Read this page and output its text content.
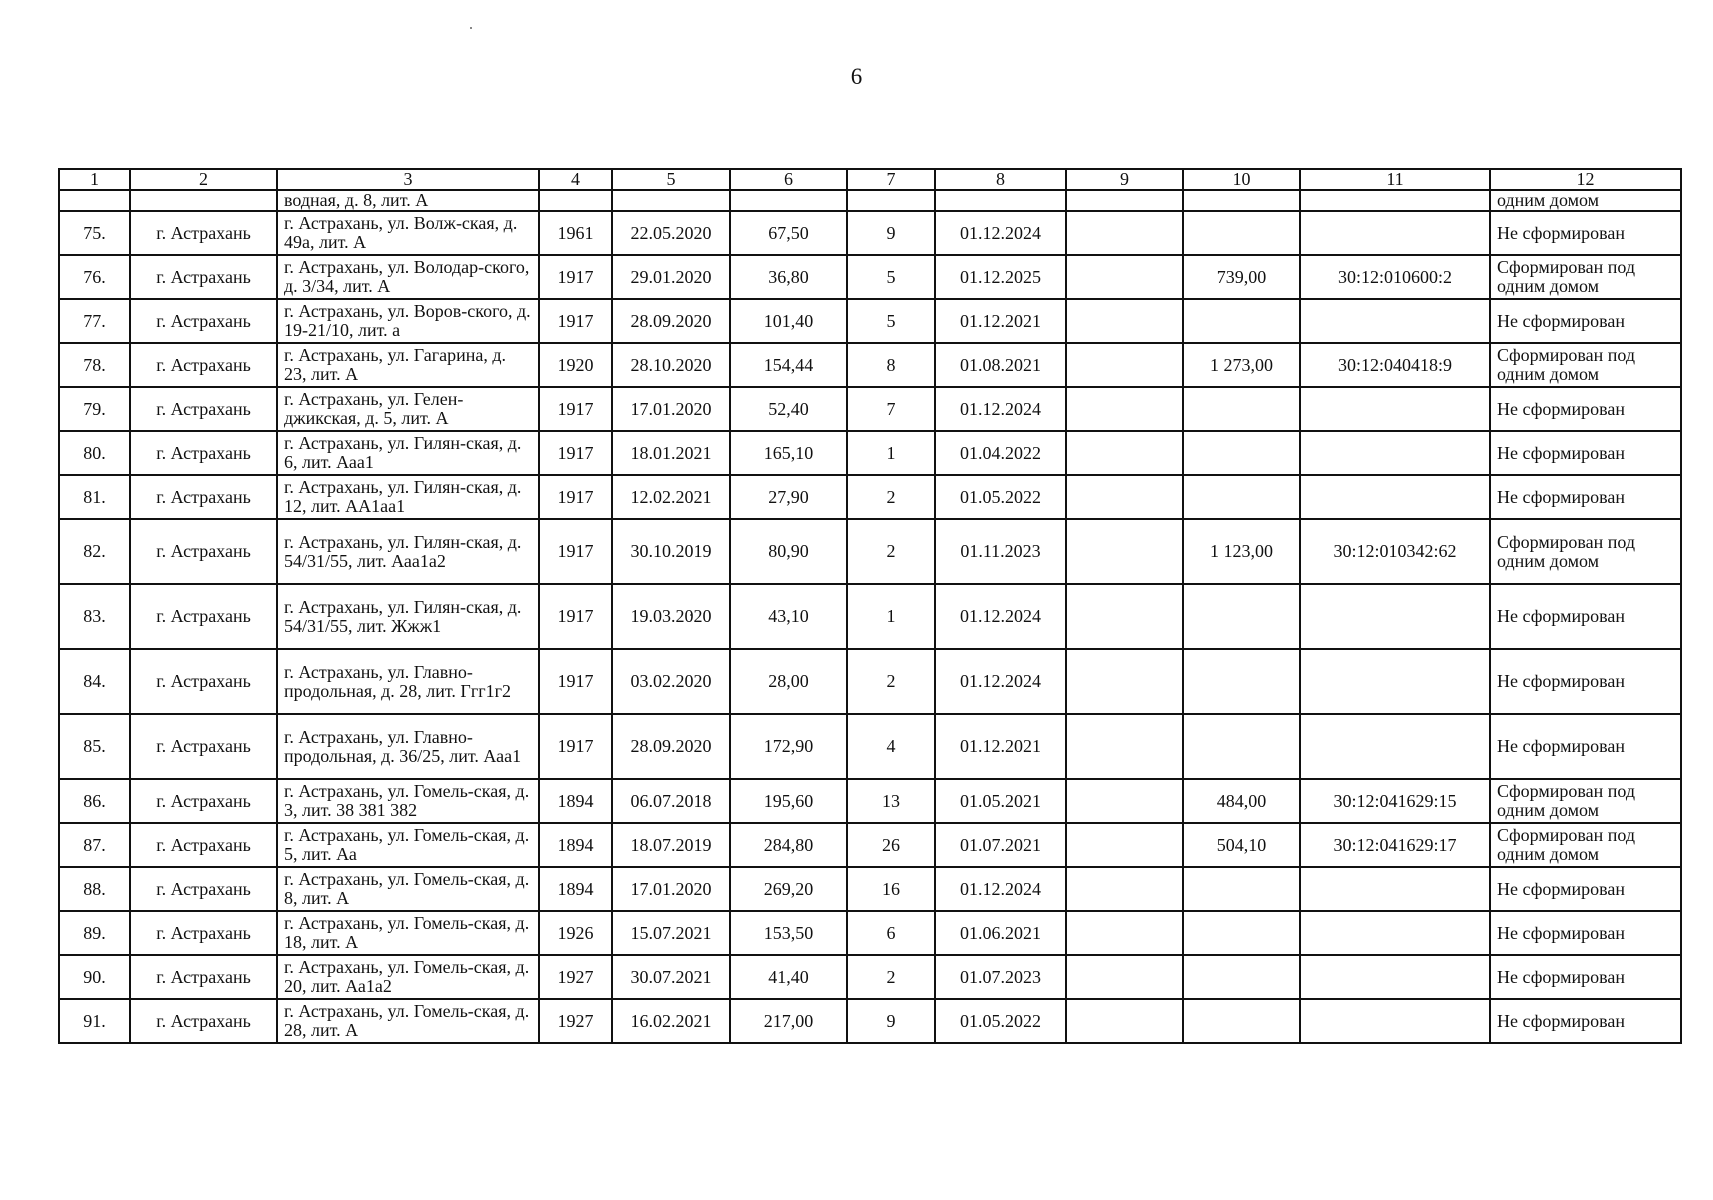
6
1	2	3	4	5	6	7	8	9	10	11	12
		водная, д. 8, лит. А									одним домом
75.	г. Астрахань	г. Астрахань, ул. Волж-ская, д. 49а, лит. А	1961	22.05.2020	67,50	9	01.12.2024				Не сформирован
76.	г. Астрахань	г. Астрахань, ул. Володар-ского, д. 3/34, лит. А	1917	29.01.2020	36,80	5	01.12.2025		739,00	30:12:010600:2	Сформирован под одним домом
77.	г. Астрахань	г. Астрахань, ул. Воров-ского, д. 19-21/10, лит. а	1917	28.09.2020	101,40	5	01.12.2021				Не сформирован
78.	г. Астрахань	г. Астрахань, ул. Гагарина, д. 23, лит. А	1920	28.10.2020	154,44	8	01.08.2021		1 273,00	30:12:040418:9	Сформирован под одним домом
79.	г. Астрахань	г. Астрахань, ул. Гелен-джикская, д. 5, лит. А	1917	17.01.2020	52,40	7	01.12.2024				Не сформирован
80.	г. Астрахань	г. Астрахань, ул. Гилян-ская, д. 6, лит. Ааа1	1917	18.01.2021	165,10	1	01.04.2022				Не сформирован
81.	г. Астрахань	г. Астрахань, ул. Гилян-ская, д. 12, лит. АА1аа1	1917	12.02.2021	27,90	2	01.05.2022				Не сформирован
82.	г. Астрахань	г. Астрахань, ул. Гилян-ская, д. 54/31/55, лит. Ааа1а2	1917	30.10.2019	80,90	2	01.11.2023		1 123,00	30:12:010342:62	Сформирован под одним домом
83.	г. Астрахань	г. Астрахань, ул. Гилян-ская, д. 54/31/55, лит. Жжж1	1917	19.03.2020	43,10	1	01.12.2024				Не сформирован
84.	г. Астрахань	г. Астрахань, ул. Главно-продольная, д. 28, лит. Ггг1г2	1917	03.02.2020	28,00	2	01.12.2024				Не сформирован
85.	г. Астрахань	г. Астрахань, ул. Главно-продольная, д. 36/25, лит. Ааа1	1917	28.09.2020	172,90	4	01.12.2021				Не сформирован
86.	г. Астрахань	г. Астрахань, ул. Гомель-ская, д. 3, лит. 38 381 382	1894	06.07.2018	195,60	13	01.05.2021		484,00	30:12:041629:15	Сформирован под одним домом
87.	г. Астрахань	г. Астрахань, ул. Гомель-ская, д. 5, лит. Аа	1894	18.07.2019	284,80	26	01.07.2021		504,10	30:12:041629:17	Сформирован под одним домом
88.	г. Астрахань	г. Астрахань, ул. Гомель-ская, д. 8, лит. А	1894	17.01.2020	269,20	16	01.12.2024				Не сформирован
89.	г. Астрахань	г. Астрахань, ул. Гомель-ская, д. 18, лит. А	1926	15.07.2021	153,50	6	01.06.2021				Не сформирован
90.	г. Астрахань	г. Астрахань, ул. Гомель-ская, д. 20, лит. Аа1а2	1927	30.07.2021	41,40	2	01.07.2023				Не сформирован
91.	г. Астрахань	г. Астрахань, ул. Гомель-ская, д. 28, лит. А	1927	16.02.2021	217,00	9	01.05.2022				Не сформирован
